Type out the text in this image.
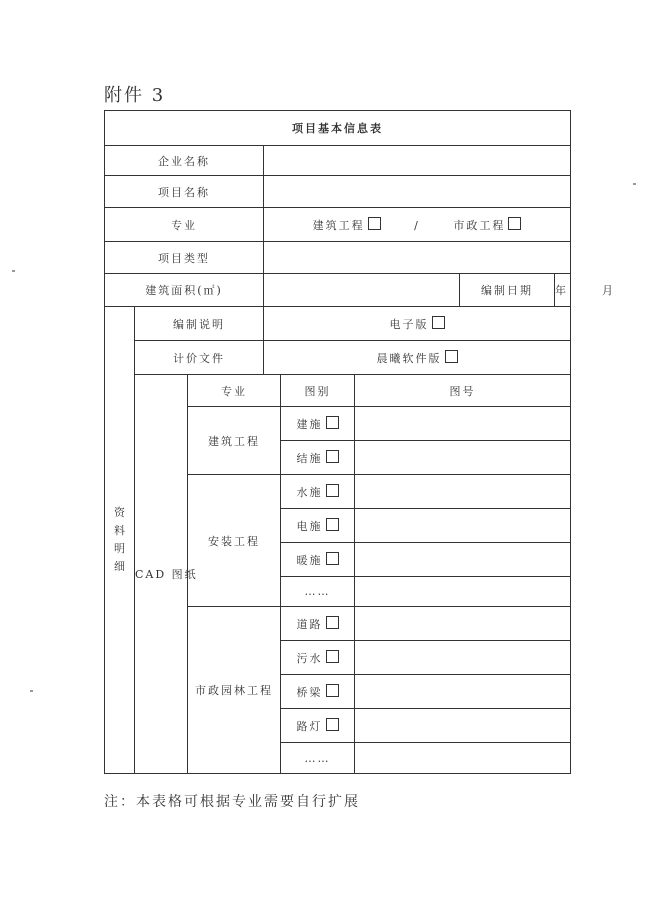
附件 3
项目基本信息表							
企业名称							
项目名称							
专业			建筑工程 / 市政工程				
项目类型							
建筑面积(㎡)						编制日期	年 月
资料明细	编制说明		电子版				
	计价文件		晨曦软件版				
	CAD 图纸	专业		图别	图号		
		建筑工程		建施			
				结施			
		安装工程		水施			
				电施			
				暖施			
				……			
		市政园林工程		道路			
				污水			
				桥梁			
				路灯			
				……			
注：本表格可根据专业需要自行扩展
